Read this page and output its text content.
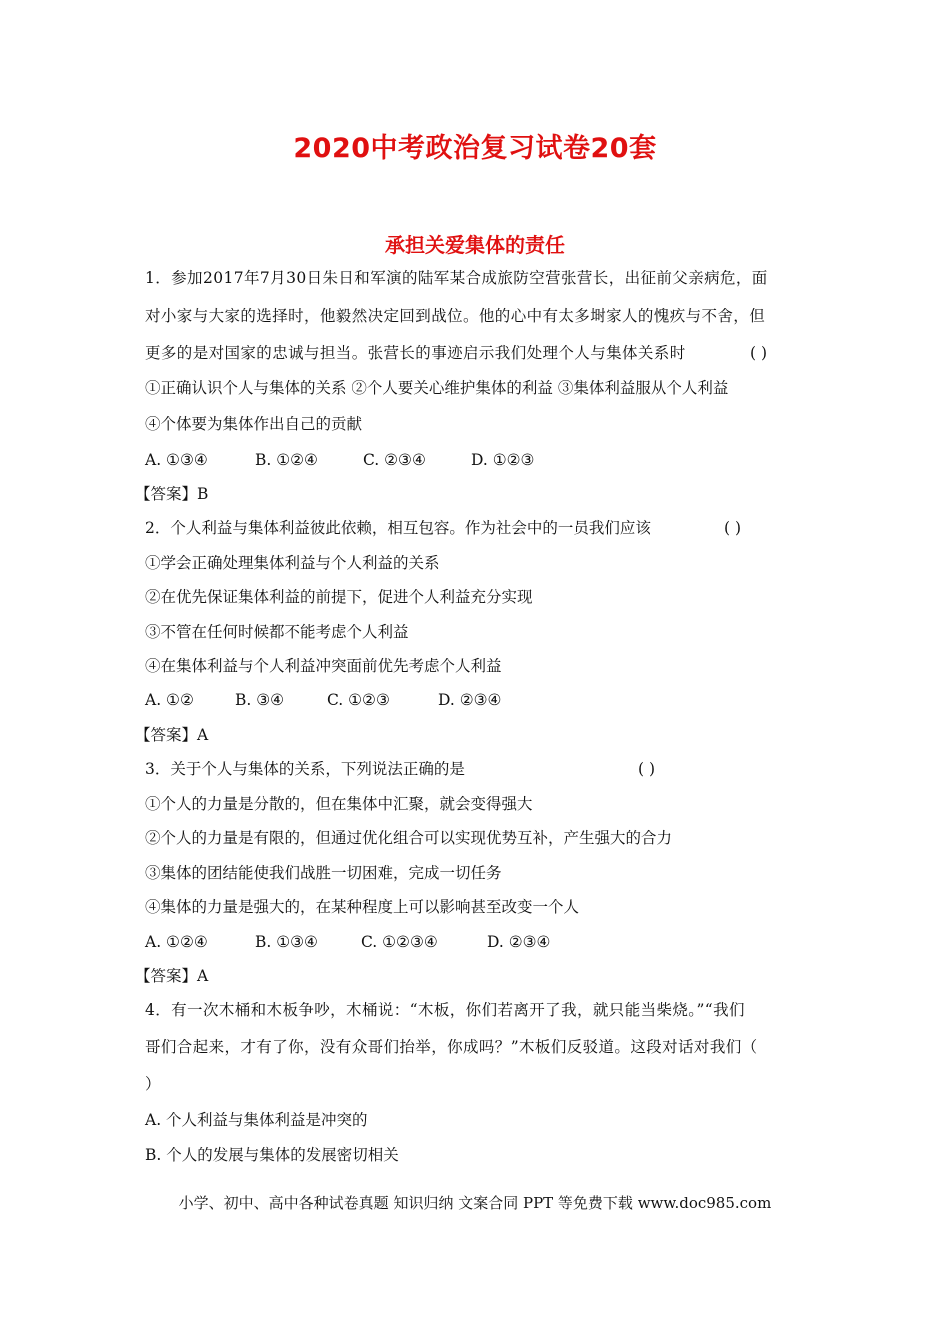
2020中考政治复习试卷20套
承担关爱集体的责任
1．参加2017年7月30日朱日和军演的陆军某合成旅防空营张营长，出征前父亲病危，面
对小家与大家的选择时，他毅然决定回到战位。他的心中有太多埘家人的愧疚与不舍，但
更多的是对国家的忠诚与担当。张营长的事迹启示我们处理个人与集体关系时	( )
①正确认识个人与集体的关系 ②个人要关心维护集体的利益 ③集体利益服从个人利益
④个体要为集体作出自己的贡献
A. ①③④	B. ①②④	C. ②③④	D. ①②③
【答案】B
2．个人利益与集体利益彼此依赖，相互包容。作为社会中的一员我们应该	( )
①学会正确处理集体利益与个人利益的关系
②在优先保证集体利益的前提下，促进个人利益充分实现
③不管在任何时候都不能考虑个人利益
④在集体利益与个人利益冲突面前优先考虑个人利益
A. ①②	B. ③④	C. ①②③	D. ②③④
【答案】A
3．关于个人与集体的关系，下列说法正确的是	( )
①个人的力量是分散的，但在集体中汇聚，就会变得强大
②个人的力量是有限的，但通过优化组合可以实现优势互补，产生强大的合力
③集体的团结能使我们战胜一切困难，完成一切任务
④集体的力量是强大的，在某种程度上可以影响甚至改变一个人
A. ①②④	B. ①③④	C. ①②③④	D. ②③④
【答案】A
4．有一次木桶和木板争吵，木桶说：“木板，你们若离开了我，就只能当柴烧。”“我们
哥们合起来，才有了你，没有众哥们抬举，你成吗？”木板们反驳道。这段对话对我们（
）
A. 个人利益与集体利益是冲突的
B. 个人的发展与集体的发展密切相关
小学、初中、高中各种试卷真题 知识归纳 文案合同 PPT 等免费下载 www.doc985.com
